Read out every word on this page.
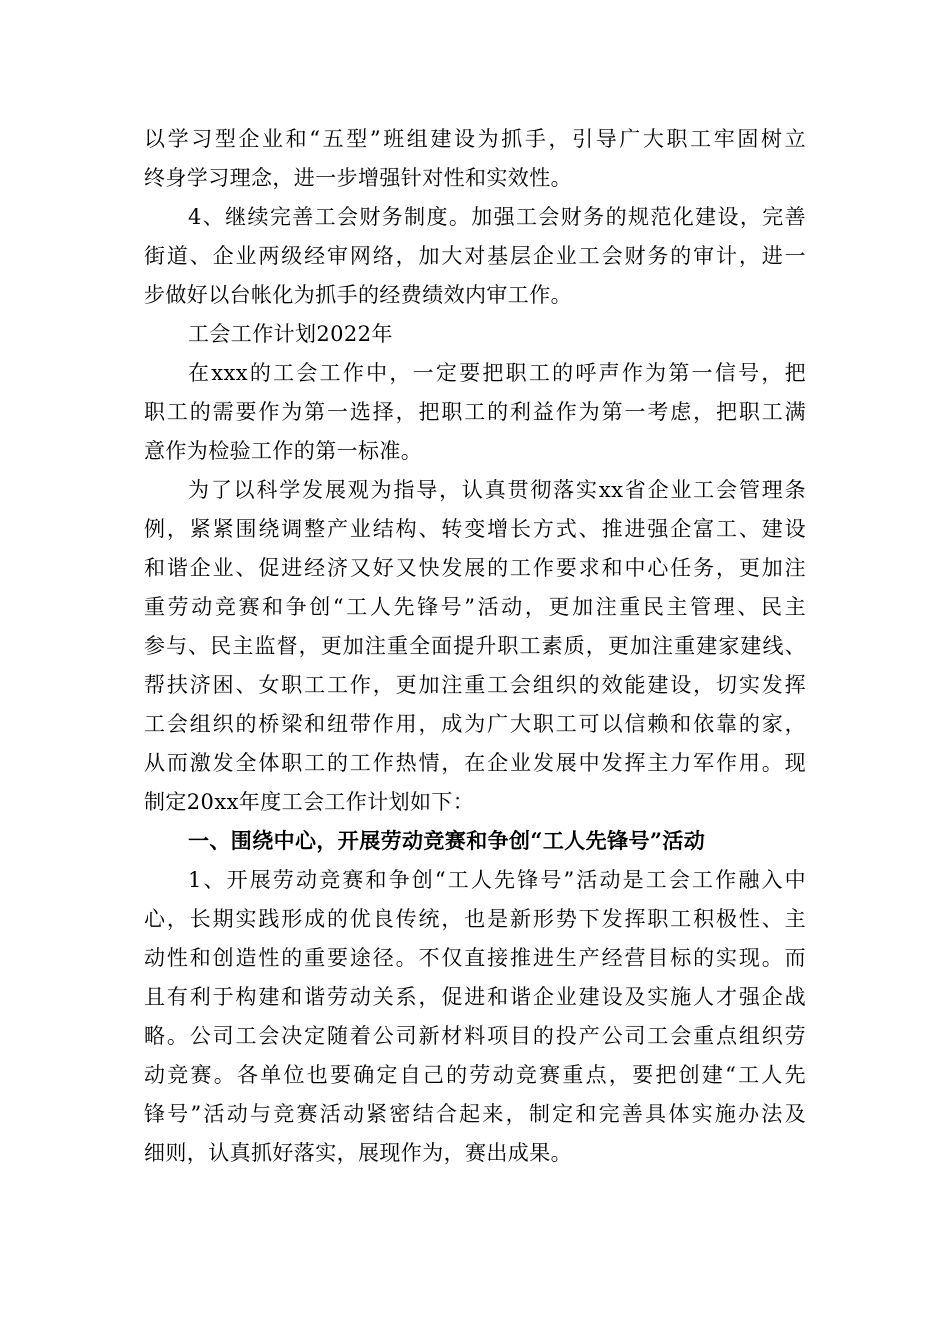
以学习型企业和“五型”班组建设为抓手，引导广大职工牢固树立
终身学习理念，进一步增强针对性和实效性。
4、继续完善工会财务制度。加强工会财务的规范化建设，完善
街道、企业两级经审网络，加大对基层企业工会财务的审计，进一
步做好以台帐化为抓手的经费绩效内审工作。
工会工作计划2022年
在xxx的工会工作中，一定要把职工的呼声作为第一信号，把
职工的需要作为第一选择，把职工的利益作为第一考虑，把职工满
意作为检验工作的第一标准。
为了以科学发展观为指导，认真贯彻落实xx省企业工会管理条
例，紧紧围绕调整产业结构、转变增长方式、推进强企富工、建设
和谐企业、促进经济又好又快发展的工作要求和中心任务，更加注
重劳动竞赛和争创“工人先锋号”活动，更加注重民主管理、民主
参与、民主监督，更加注重全面提升职工素质，更加注重建家建线、
帮扶济困、女职工工作，更加注重工会组织的效能建设，切实发挥
工会组织的桥梁和纽带作用，成为广大职工可以信赖和依靠的家，
从而激发全体职工的工作热情，在企业发展中发挥主力军作用。现
制定20xx年度工会工作计划如下：
一、围绕中心，开展劳动竞赛和争创“工人先锋号”活动
1、开展劳动竞赛和争创“工人先锋号”活动是工会工作融入中
心，长期实践形成的优良传统，也是新形势下发挥职工积极性、主
动性和创造性的重要途径。不仅直接推进生产经营目标的实现。而
且有利于构建和谐劳动关系，促进和谐企业建设及实施人才强企战
略。公司工会决定随着公司新材料项目的投产公司工会重点组织劳
动竞赛。各单位也要确定自己的劳动竞赛重点，要把创建“工人先
锋号”活动与竞赛活动紧密结合起来，制定和完善具体实施办法及
细则，认真抓好落实，展现作为，赛出成果。
